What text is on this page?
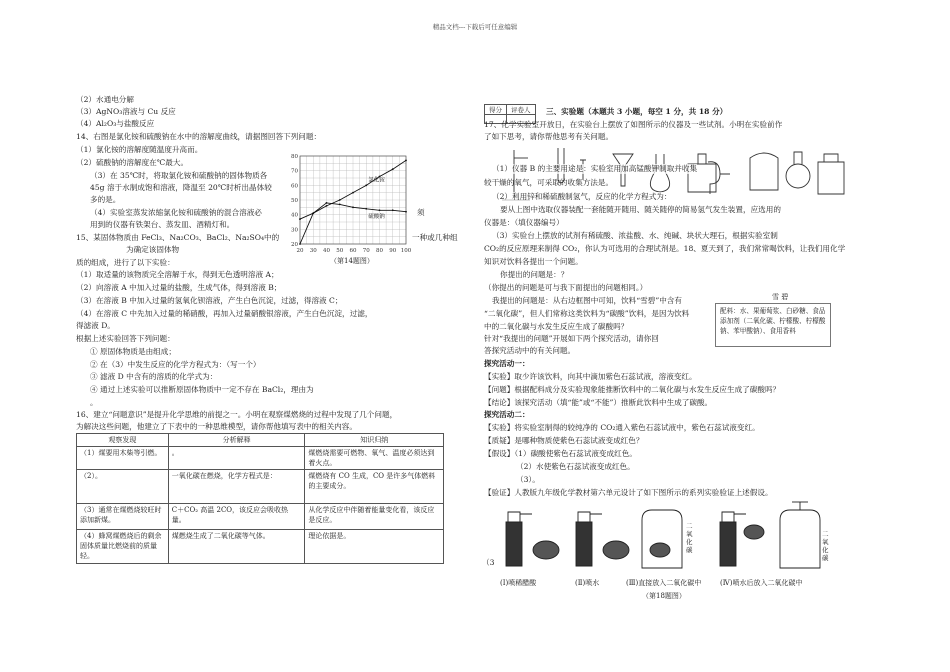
精品文档---下载后可任意编辑
（2）水通电分解
（3）AgNO₃溶液与 Cu 反应
（4）Al₂O₃与盐酸反应
14、右图是氯化铵和硫酸钠在水中的溶解度曲线，请据图回答下列问题：
（1）氯化铵的溶解度随温度升高而。
（2）硫酸钠的溶解度在℃最大。
（3）在 35℃时，将取氯化铵和硫酸钠的固体物质各
45g 溶于水制成饱和溶液，降温至 20℃时析出晶体较
多的是。
（4）实验室蒸发浓缩氯化铵和硫酸钠的混合溶液必
用到的仪器有铁架台、蒸发皿、酒精灯和。
15、某固体物质由 FeCl₃、Na₂CO₃、BaCl₂、Na₂SO₄中的
为确定该固体物
质的组成，进行了以下实验：
（1）取适量的该物质完全溶解于水，得到无色透明溶液 A；
（2）向溶液 A 中加入过量的盐酸，生成气体，得到溶液 B；
（3）在溶液 B 中加入过量的氢氧化钡溶液，产生白色沉淀，过滤，得溶液 C；
（4）在溶液 C 中先加入过量的稀硝酸，再加入过量硝酸银溶液，产生白色沉淀，过滤，
得滤液 D。
根据上述实验回答下列问题：
① 原固体物质是由组成；
② 在（3）中发生反应的化学方程式为：（写一个）
③ 滤液 D 中含有的溶质的化学式为：
④ 通过上述实验可以推断原固体物质中一定不存在 BaCl₂，理由为
。
16、建立“问题意识”是提升化学思维的前提之一。小明在观察煤燃烧的过程中发现了几个问题，
为解决这些问题，他建立了下表中的一种思维模型，请你帮他填写表中的相关内容。
须
一种或几种组
20 30 40 50 60 70 80 90 100
20
30
40
50
60
70
80
氯化铵
硫酸钠
（第14题图）
观察发现	分析解释	知识归纳
（1）煤要用木柴等引燃。	。	煤燃烧需要可燃物、氧气、温度必须达到着火点。
（2）。	一氧化碳在燃烧，化学方程式是：	煤燃烧有 CO 生成，CO 是许多气体燃料的主要成分。
（3）通常在煤燃烧较旺时添加新煤。	C＋CO₂ 高温 2CO，该反应会吸收热量。	从化学反应中伴随着能量变化看，该反应是反应。
（4）蜂窝煤燃烧后的剩余固体质量比燃烧前的质量轻。	煤燃烧生成了二氧化碳等气体。	理论依据是。
得分	评卷人
	三、实验题（本题共 3 小题，每空 1 分，共 18 分）
17、化学实验室开放日，在实验台上摆放了如图所示的仪器及一些试剂。小明在实验前作
了如下思考，请你帮他思考有关问题。
（1）仪器 B 的主要用途是：实验室用加高锰酸钾制取并收集
较干燥的氧气，可采取的收集方法是。
（2）利用锌和稀硫酸制氢气，反应的化学方程式为：
要从上图中选取仪器装配一套能随开随用、随关随停的简易氢气发生装置，应选用的
仪器是：（填仪器编号）
（3）实验台上摆放的试剂有稀硫酸、浓盐酸、水、纯碱、块状大理石，根据实验室制
CO₂的反应原理来制得 CO₂，你认为可选用的合理试剂是。18、夏天到了，我们常常喝饮料，让我们用化学
知识对饮料各提出一个问题。
你提出的问题是：？
（你提出的问题是可与我下面提出的问题相同。）
我提出的问题是：从右边框图中可知，饮料“雪碧”中含有
“二氧化碳”，但人们常称这类饮料为“碳酸”饮料，是因为饮料
中的二氧化碳与水发生反应生成了碳酸吗？
针对“我提出的问题”开展如下两个探究活动，请你回
答探究活动中的有关问题。
探究活动一：
【实验】取少许该饮料，向其中滴加紫色石蕊试液，溶液变红。
【问题】根据配料成分及实验现象能推断饮料中的二氧化碳与水发生反应生成了碳酸吗？
【结论】该探究活动（填“能”或“不能”）推断此饮料中生成了碳酸。
探究活动二：
【实验】将实验室制得的较纯净的 CO₂通入紫色石蕊试液中，紫色石蕊试液变红。
【质疑】是哪种物质使紫色石蕊试液变成红色？
【假设】（1）碳酸使紫色石蕊试液变成红色。
（2）水使紫色石蕊试液变成红色。
（3）。
【验证】人教版九年级化学教材第六单元设计了如下图所示的系列实验验证上述假设。
雪 碧
配料：水、果葡萄浆、白砂糖、食品添加剂（二氧化碳、柠檬酸、柠檬酸钠、苯甲酸钠）、食用香料
二氧化碳
二氧化碳
（3
(Ⅰ)喷稀醋酸	(Ⅱ)喷水	(Ⅲ)直接放入二氧化碳中	(Ⅳ)喷水后放入二氧化碳中
（第18题图）
